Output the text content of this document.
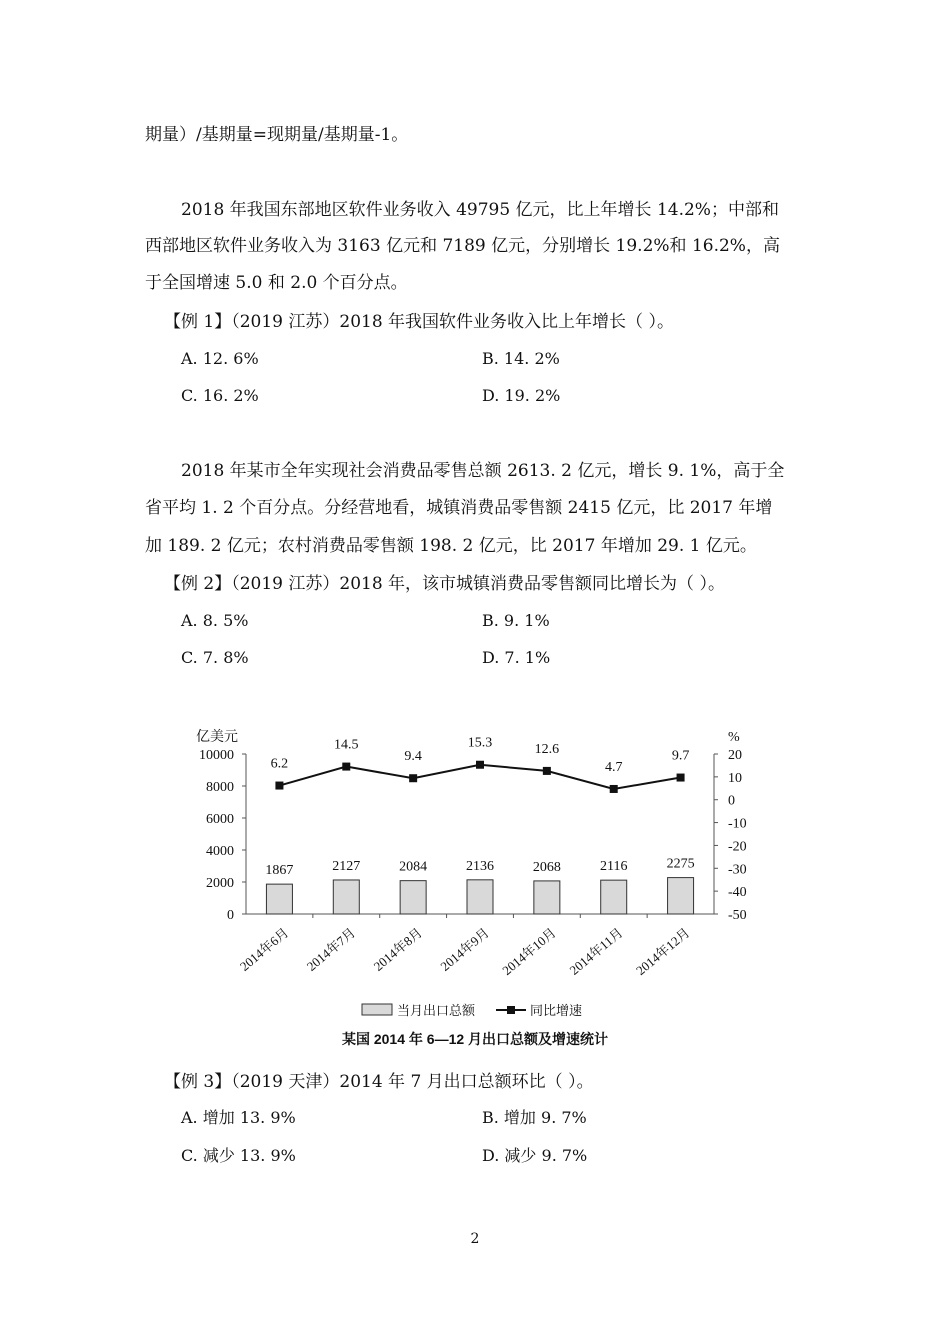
期量）/基期量=现期量/基期量-1。
2018 年我国东部地区软件业务收入 49795 亿元，比上年增长 14.2%；中部和
西部地区软件业务收入为 3163 亿元和 7189 亿元，分别增长 19.2%和 16.2%，高
于全国增速 5.0 和 2.0 个百分点。
【例 1】（2019 江苏）2018 年我国软件业务收入比上年增长（ ）。
A. 12. 6%	B. 14. 2%
C. 16. 2%	D. 19. 2%
2018 年某市全年实现社会消费品零售总额 2613. 2 亿元，增长 9. 1%，高于全
省平均 1. 2 个百分点。分经营地看，城镇消费品零售额 2415 亿元，比 2017 年增
加 189. 2 亿元；农村消费品零售额 198. 2 亿元，比 2017 年增加 29. 1 亿元。
【例 2】（2019 江苏）2018 年，该市城镇消费品零售额同比增长为（ ）。
A. 8. 5%	B. 9. 1%
C. 7. 8%	D. 7. 1%
亿美元	%
10000
8000
6000
4000
2000
0
20
10
0
-10
-20
-30
-40
-50
2014年6月 2014年7月 2014年8月 2014年9月 2014年10月 2014年11月 2014年12月
1867	2127	2084	2136	2068	2116	2275
6.2
14.5
9.4
15.3	12.6
4.7
9.7
当月出口总额	同比增速
某国 2014 年 6—12 月出口总额及增速统计
【例 3】（2019 天津）2014 年 7 月出口总额环比（ ）。
A. 增加 13. 9%	B. 增加 9. 7%
C. 减少 13. 9%	D. 减少 9. 7%
2
